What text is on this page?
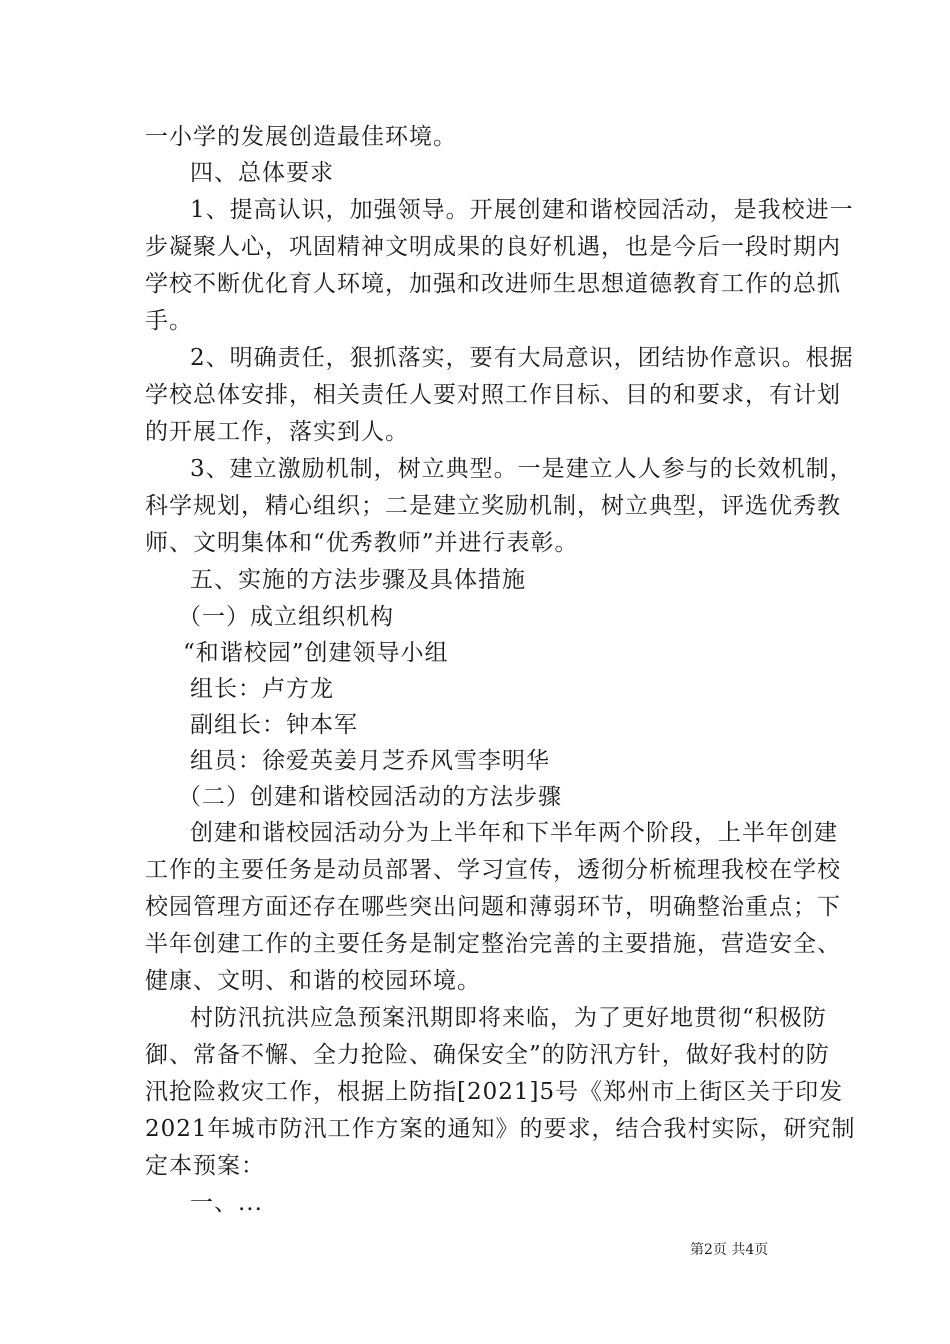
一小学的发展创造最佳环境。
四、总体要求
1、提高认识，加强领导。开展创建和谐校园活动，是我校进一
步凝聚人心，巩固精神文明成果的良好机遇，也是今后一段时期内
学校不断优化育人环境，加强和改进师生思想道德教育工作的总抓
手。
2、明确责任，狠抓落实，要有大局意识，团结协作意识。根据
学校总体安排，相关责任人要对照工作目标、目的和要求，有计划
的开展工作，落实到人。
3、建立激励机制，树立典型。一是建立人人参与的长效机制，
科学规划，精心组织；二是建立奖励机制，树立典型，评选优秀教
师、文明集体和“优秀教师”并进行表彰。
五、实施的方法步骤及具体措施
（一）成立组织机构
“和谐校园”创建领导小组
组长：卢方龙
副组长：钟本军
组员：徐爱英姜月芝乔风雪李明华
（二）创建和谐校园活动的方法步骤
创建和谐校园活动分为上半年和下半年两个阶段，上半年创建
工作的主要任务是动员部署、学习宣传，透彻分析梳理我校在学校
校园管理方面还存在哪些突出问题和薄弱环节，明确整治重点；下
半年创建工作的主要任务是制定整治完善的主要措施，营造安全、
健康、文明、和谐的校园环境。
村防汛抗洪应急预案汛期即将来临，为了更好地贯彻“积极防
御、常备不懈、全力抢险、确保安全”的防汛方针，做好我村的防
汛抢险救灾工作，根据上防指[2021]5号《郑州市上街区关于印发
2021年城市防汛工作方案的通知》的要求，结合我村实际，研究制
定本预案：
一、...
第2页 共4页
